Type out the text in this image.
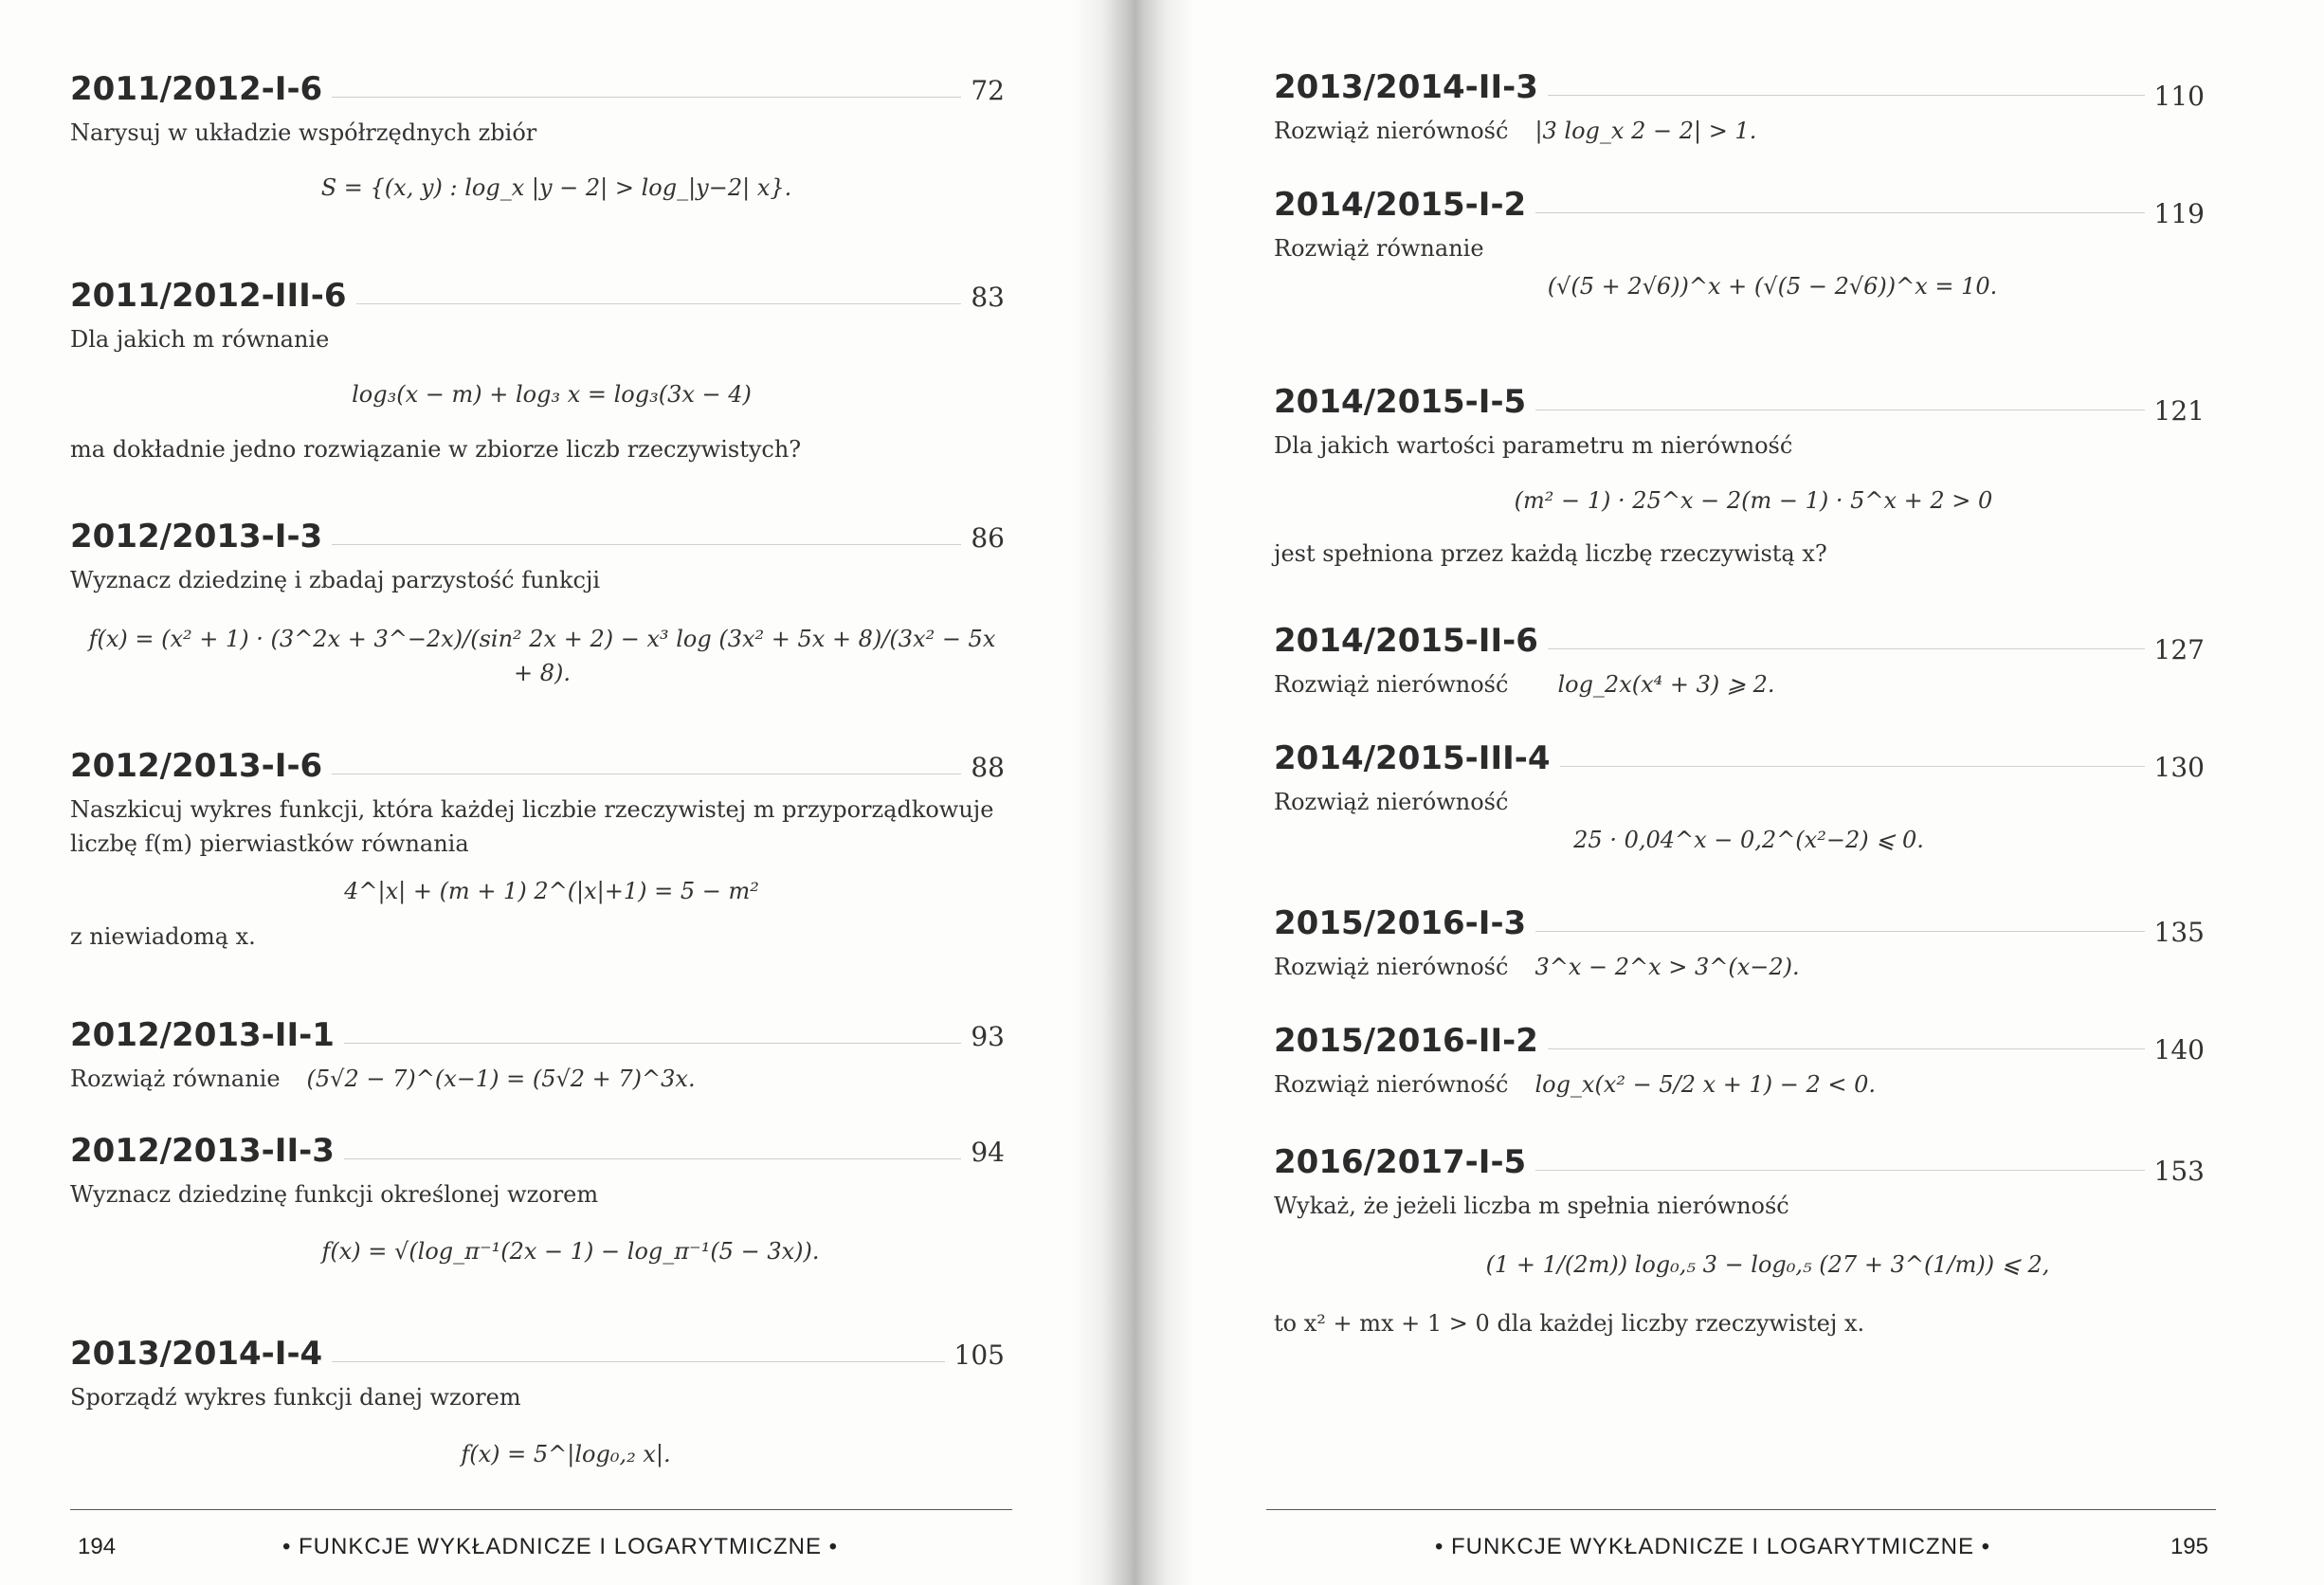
2011/2012-I-6	72
Narysuj w układzie współrzędnych zbiór
S = {(x, y) : log_x |y − 2| > log_|y−2| x}.
2011/2012-III-6	83
Dla jakich m równanie
log₃(x − m) + log₃ x = log₃(3x − 4)
ma dokładnie jedno rozwiązanie w zbiorze liczb rzeczywistych?
2012/2013-I-3	86
Wyznacz dziedzinę i zbadaj parzystość funkcji
f(x) = (x² + 1) · (3^2x + 3^−2x)/(sin² 2x + 2) − x³ log (3x² + 5x + 8)/(3x² − 5x + 8).
2012/2013-I-6	88
Naszkicuj wykres funkcji, która każdej liczbie rzeczywistej m przyporządkowuje liczbę f(m) pierwiastków równania
4^|x| + (m + 1) 2^(|x|+1) = 5 − m²
z niewiadomą x.
2012/2013-II-1	93
Rozwiąż równanie (5√2 − 7)^(x−1) = (5√2 + 7)^3x.
2012/2013-II-3	94
Wyznacz dziedzinę funkcji określonej wzorem
f(x) = √(log_π⁻¹(2x − 1) − log_π⁻¹(5 − 3x)).
2013/2014-I-4	105
Sporządź wykres funkcji danej wzorem
f(x) = 5^|log₀,₂ x|.
194	• FUNKCJE WYKŁADNICZE I LOGARYTMICZNE •
2013/2014-II-3	110
Rozwiąż nierówność |3 log_x 2 − 2| > 1.
2014/2015-I-2	119
Rozwiąż równanie
(√(5 + 2√6))^x + (√(5 − 2√6))^x = 10.
2014/2015-I-5	121
Dla jakich wartości parametru m nierówność
(m² − 1) · 25^x − 2(m − 1) · 5^x + 2 > 0
jest spełniona przez każdą liczbę rzeczywistą x?
2014/2015-II-6	127
Rozwiąż nierówność log_2x(x⁴ + 3) ⩾ 2.
2014/2015-III-4	130
Rozwiąż nierówność
25 · 0,04^x − 0,2^(x²−2) ⩽ 0.
2015/2016-I-3	135
Rozwiąż nierówność 3^x − 2^x > 3^(x−2).
2015/2016-II-2	140
Rozwiąż nierówność log_x(x² − 5/2 x + 1) − 2 < 0.
2016/2017-I-5	153
Wykaż, że jeżeli liczba m spełnia nierówność
(1 + 1/(2m)) log₀,₅ 3 − log₀,₅ (27 + 3^(1/m)) ⩽ 2,
to x² + mx + 1 > 0 dla każdej liczby rzeczywistej x.
• FUNKCJE WYKŁADNICZE I LOGARYTMICZNE •	195
